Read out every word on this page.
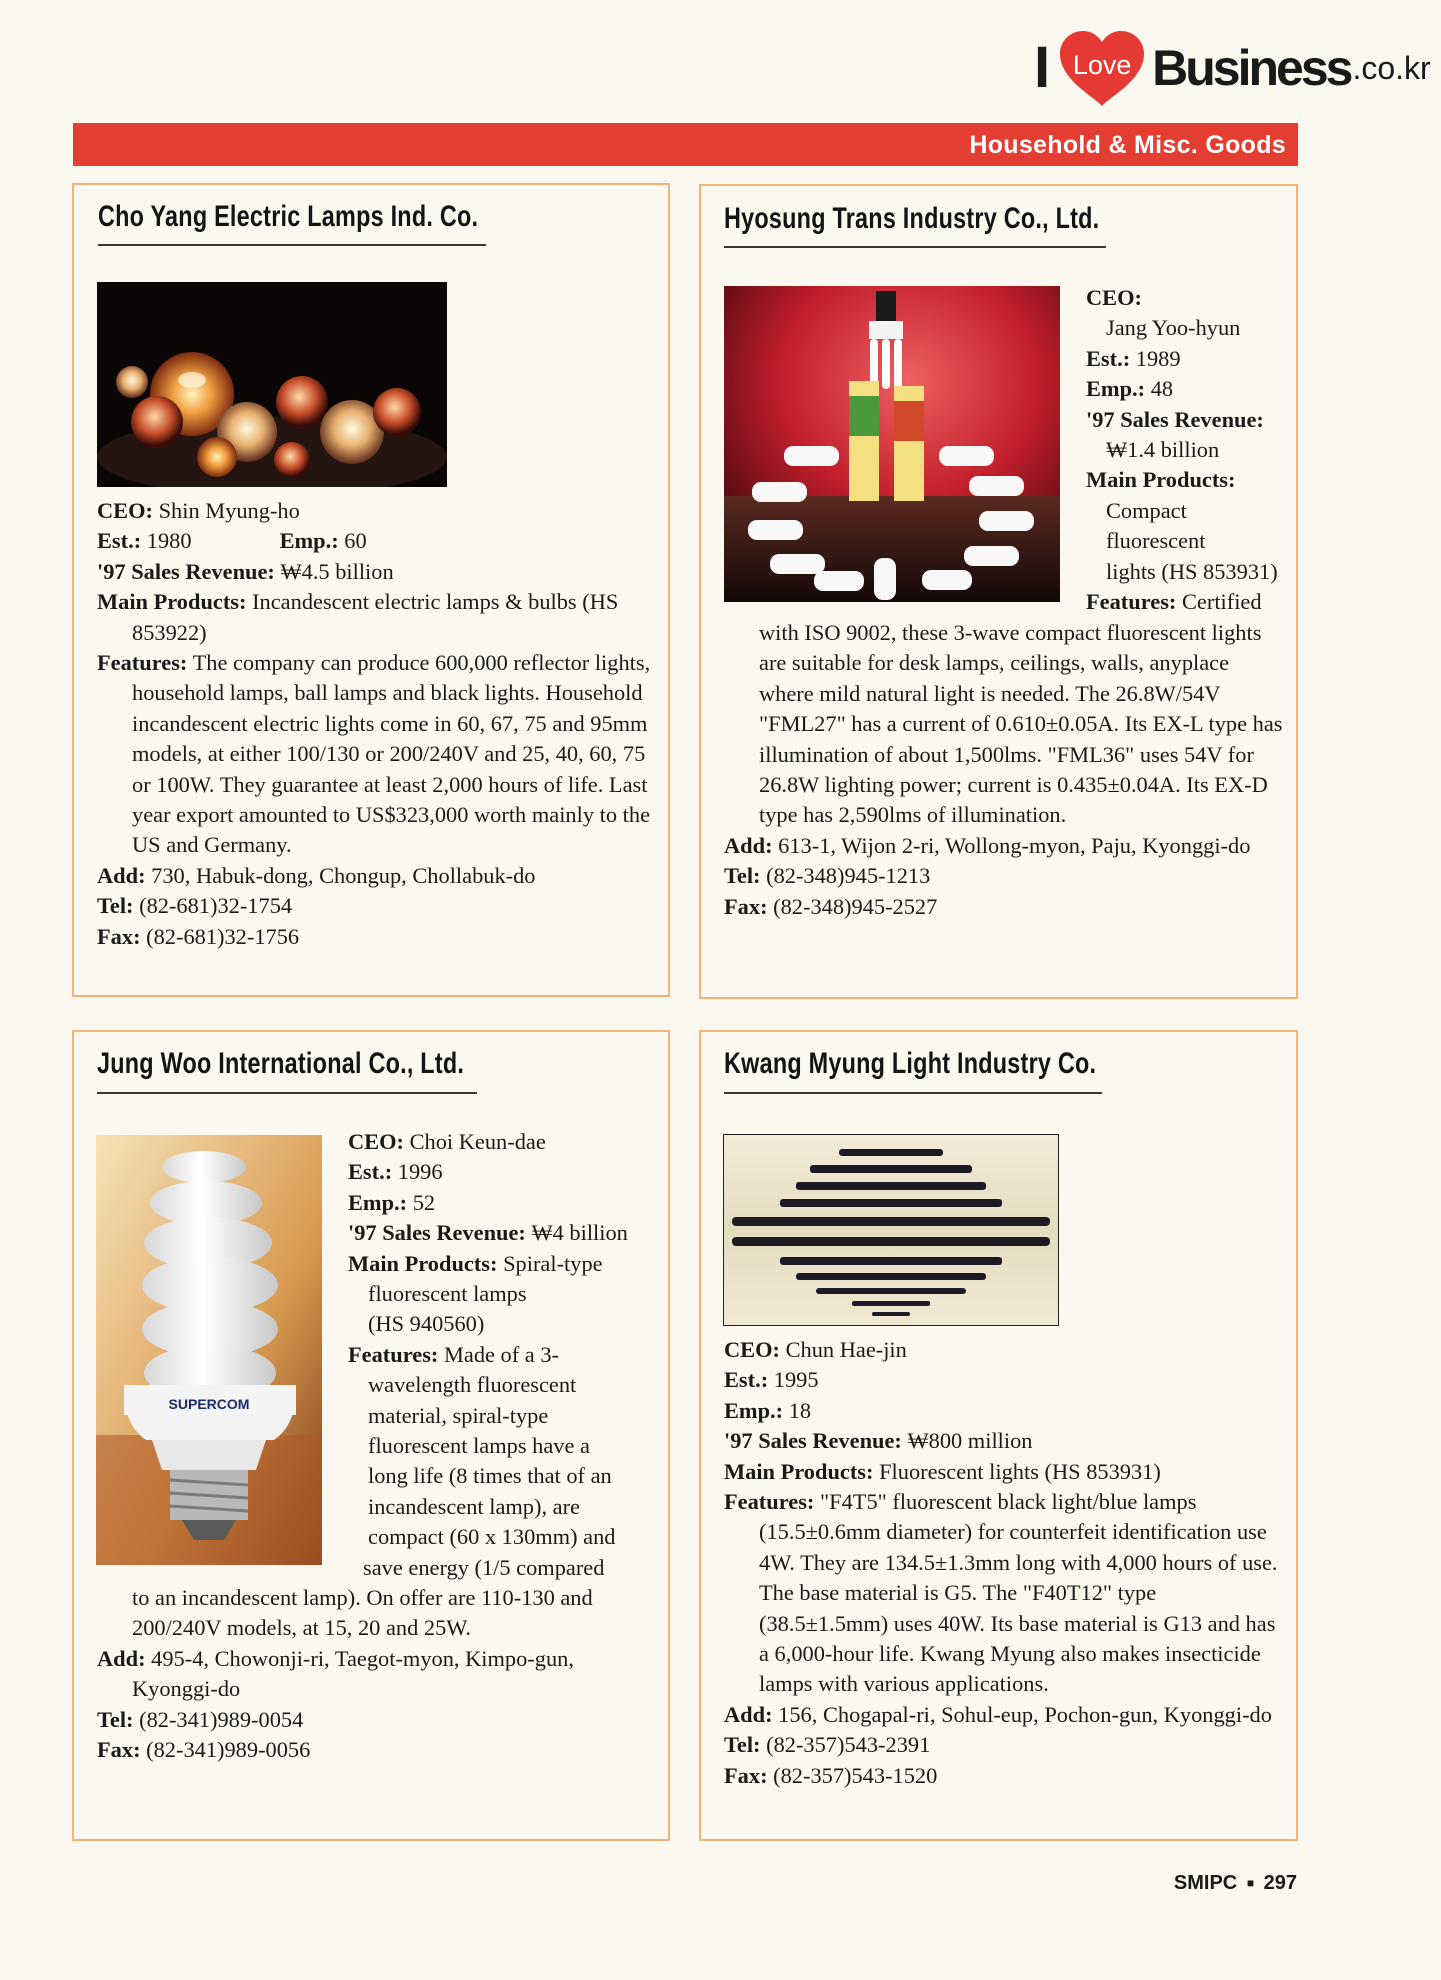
I Love Business .co.kr
Household & Misc. Goods
Cho Yang Electric Lamps Ind. Co.

CEO: Shin Myung-ho

Est.: 1980	Emp.: 60

'97 Sales Revenue: ₩4.5 billion

Main Products: Incandescent electric lamps & bulbs (HS 853922)

Features: The company can produce 600,000 reflector lights, household lamps, ball lamps and black lights. Household incandescent electric lights come in 60, 67, 75 and 95mm models, at either 100/130 or 200/240V and 25, 40, 60, 75 or 100W. They guarantee at least 2,000 hours of life. Last year export amounted to US$323,000 worth mainly to the US and Germany.

Add: 730, Habuk-dong, Chongup, Chollabuk-do

Tel: (82-681)32-1754

Fax: (82-681)32-1756

Hyosung Trans Industry Co., Ltd.

CEO:

Jang Yoo-hyun

Est.: 1989

Emp.: 48

'97 Sales Revenue:

₩1.4 billion

Main Products:

Compact

fluorescent

lights (HS 853931)

Features: Certified

with ISO 9002, these 3-wave compact fluorescent lights are suitable for desk lamps, ceilings, walls, anyplace where mild natural light is needed. The 26.8W/54V "FML27" has a current of 0.610±0.05A. Its EX-L type has illumination of about 1,500lms. "FML36" uses 54V for 26.8W lighting power; current is 0.435±0.04A. Its EX-D type has 2,590lms of illumination.

Add: 613-1, Wijon 2-ri, Wollong-myon, Paju, Kyonggi-do

Tel: (82-348)945-1213

Fax: (82-348)945-2527

Jung Woo International Co., Ltd.
SUPERCOM

CEO: Choi Keun-dae

Est.: 1996

Emp.: 52

'97 Sales Revenue: ₩4 billion

Main Products: Spiral-type

fluorescent lamps

(HS 940560)

Features: Made of a 3-

wavelength fluorescent

material, spiral-type

fluorescent lamps have a

long life (8 times that of an

incandescent lamp), are

compact (60 x 130mm) and

save energy (1/5 compared

to an incandescent lamp). On offer are 110-130 and 200/240V models, at 15, 20 and 25W.

Add: 495-4, Chowonji-ri, Taegot-myon, Kimpo-gun, Kyonggi-do

Tel: (82-341)989-0054

Fax: (82-341)989-0056

Kwang Myung Light Industry Co.

CEO: Chun Hae-jin

Est.: 1995

Emp.: 18

'97 Sales Revenue: ₩800 million

Main Products: Fluorescent lights (HS 853931)

Features: "F4T5" fluorescent black light/blue lamps (15.5±0.6mm diameter) for counterfeit identification use 4W. They are 134.5±1.3mm long with 4,000 hours of use. The base material is G5. The "F40T12" type (38.5±1.5mm) uses 40W. Its base material is G13 and has a 6,000-hour life. Kwang Myung also makes insecticide lamps with various applications.

Add: 156, Chogapal-ri, Sohul-eup, Pochon-gun, Kyonggi-do

Tel: (82-357)543-2391

Fax: (82-357)543-1520

SMIPC ■ 297
